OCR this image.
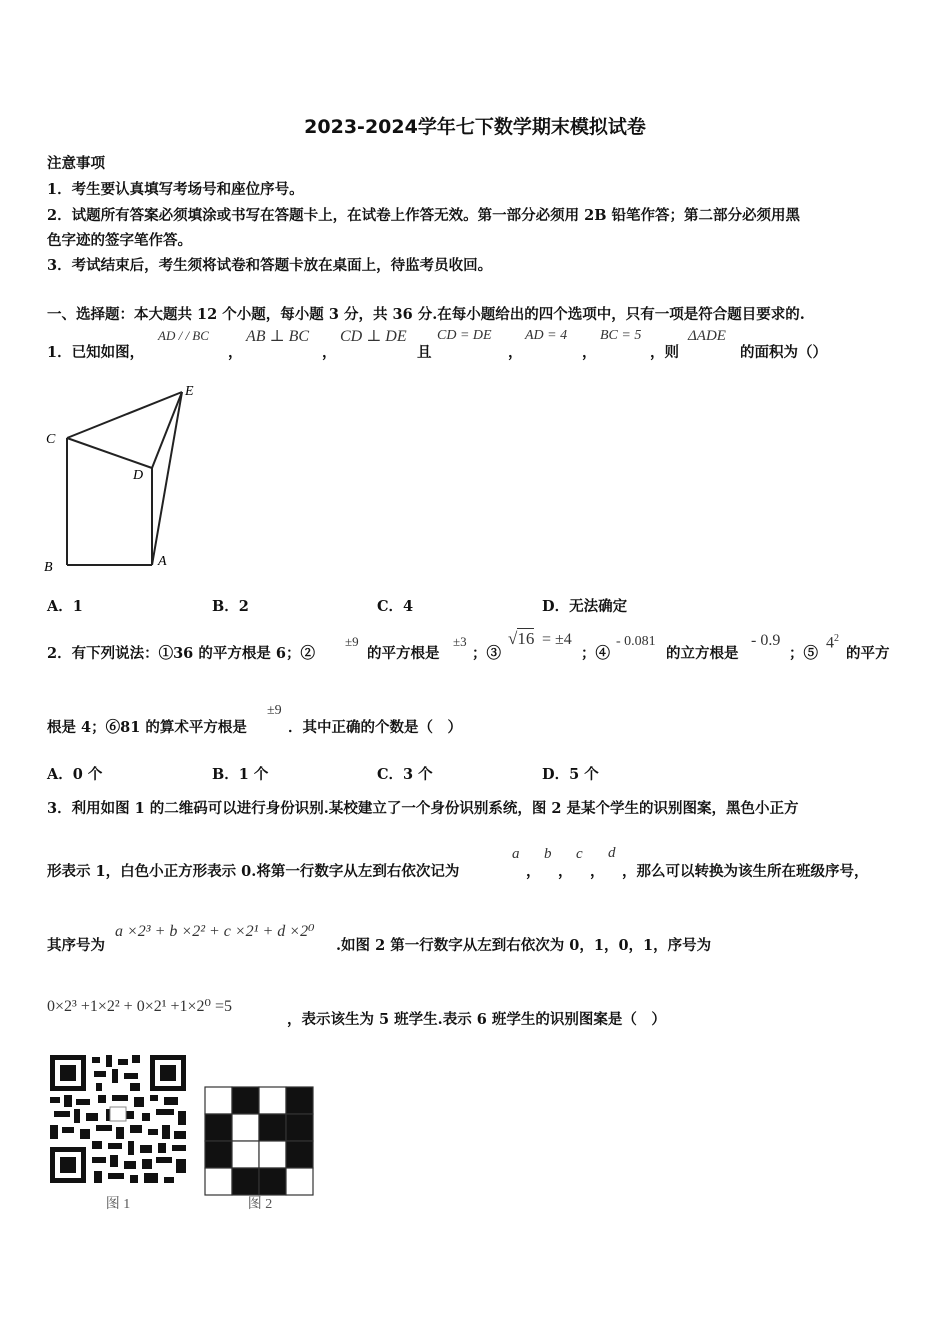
2023-2024学年七下数学期末模拟试卷
注意事项
1．考生要认真填写考场号和座位序号。
2．试题所有答案必须填涂或书写在答题卡上，在试卷上作答无效。第一部分必须用 2B 铅笔作答；第二部分必须用黑
色字迹的签字笔作答。
3．考试结束后，考生须将试卷和答题卡放在桌面上，待监考员收回。
一、选择题：本大题共 12 个小题，每小题 3 分，共 36 分.在每小题给出的四个选项中，只有一项是符合题目要求的.
1．已知如图，
AD / / BC
，
AB ⊥ BC
，
CD ⊥ DE
且
CD = DE
，
AD = 4
，
BC = 5
，则
ΔADE
的面积为（）
E
C
D
B	A
A．1	B．2	C．4	D．无法确定
2．有下列说法：①36 的平方根是 6；②
±9
的平方根是
±3
；③
√16 = ±4
；④
- 0.081
的立方根是
- 0.9
；⑤
$4^2$
的平方
根是 4；⑥81 的算术平方根是
±9
．其中正确的个数是（　）
A．0 个	B．1 个	C．3 个	D．5 个
3．利用如图 1 的二维码可以进行身份识别.某校建立了一个身份识别系统，图 2 是某个学生的识别图案，黑色小正方
形表示 1，白色小正方形表示 0.将第一行数字从左到右依次记为
a
，
b
，
c
，
d
，那么可以转换为该生所在班级序号，
其序号为
a ×2³ + b ×2² + c ×2¹ + d ×2⁰
.如图 2 第一行数字从左到右依次为 0，1，0，1，序号为
0×2³ +1×2² + 0×2¹ +1×2⁰ =5
，表示该生为 5 班学生.表示 6 班学生的识别图案是（　）
图 1	图 2
